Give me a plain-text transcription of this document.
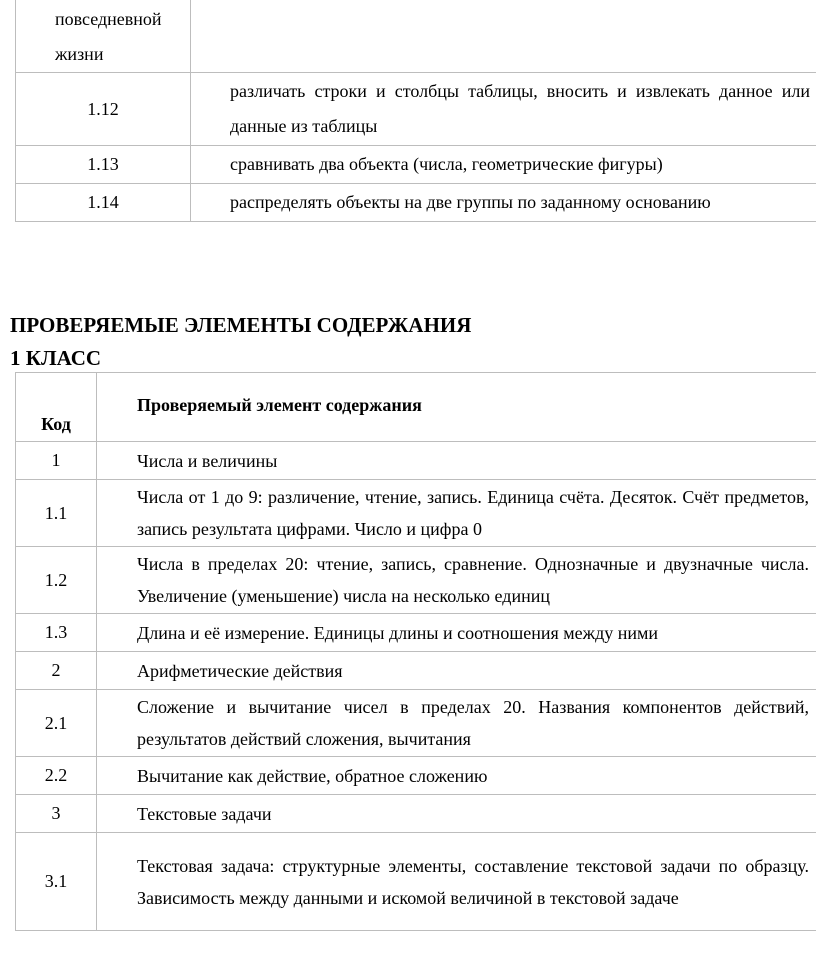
повседневной
жизни	

1.12	различать строки и столбцы таблицы, вносить и извлекать данное или данные из таблицы

1.13	сравнивать два объекта (числа, геометрические фигуры)

1.14	распределять объекты на две группы по заданному основанию
ПРОВЕРЯЕМЫЕ ЭЛЕМЕНТЫ СОДЕРЖАНИЯ
1 КЛАСС
Код	Проверяемый элемент содержания

1	Числа и величины

1.1	Числа от 1 до 9: различение, чтение, запись. Единица счёта. Десяток. Счёт предметов, запись результата цифрами. Число и цифра 0

1.2	Числа в пределах 20: чтение, запись, сравнение. Однозначные и двузначные числа. Увеличение (уменьшение) числа на несколько единиц

1.3	Длина и её измерение. Единицы длины и соотношения между ними

2	Арифметические действия

2.1	Сложение и вычитание чисел в пределах 20. Названия компонентов действий, результатов действий сложения, вычитания

2.2	Вычитание как действие, обратное сложению

3	Текстовые задачи

3.1	Текстовая задача: структурные элементы, составление текстовой задачи по образцу. Зависимость между данными и искомой величиной в текстовой задаче
